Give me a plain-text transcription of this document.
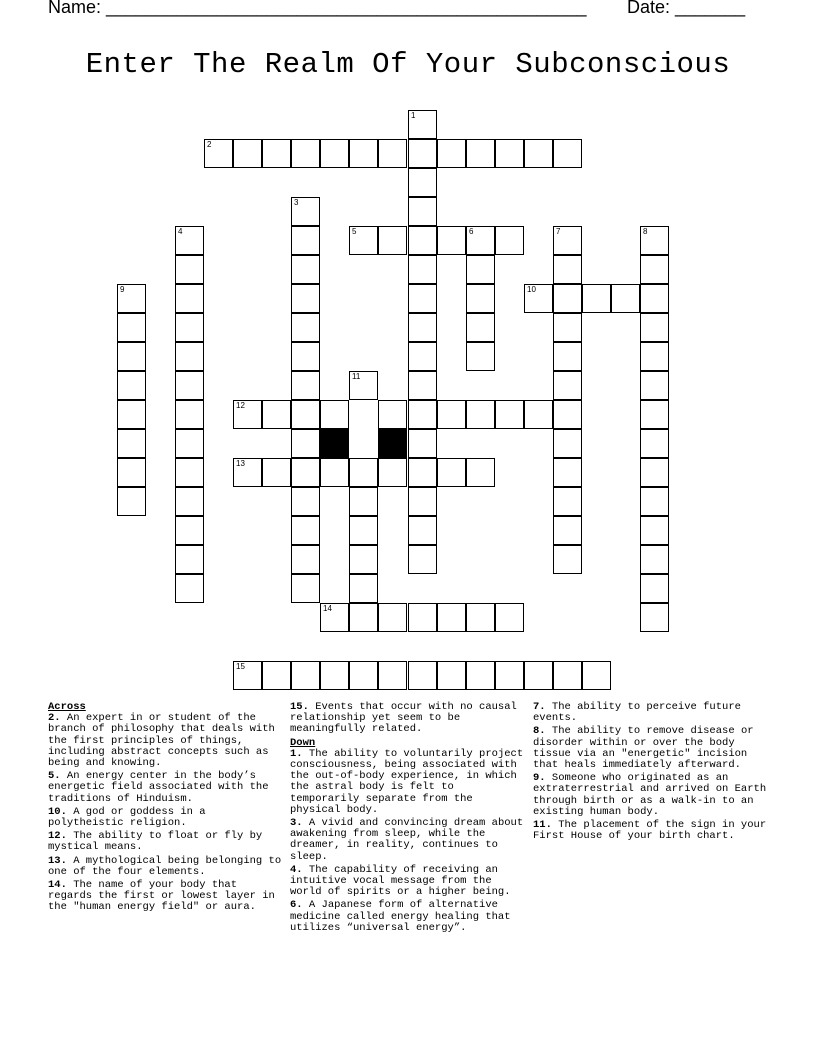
Name: ________________________________________________ Date: _______
Enter The Realm Of Your Subconscious
1
2
3
4	5	6	7	8
9	10
11
12
13
14
15
Across
2. An expert in or student of the branch of philosophy that deals with the first principles of things, including abstract concepts such as being and knowing.
5. An energy center in the body’s energetic field associated with the traditions of Hinduism.
10. A god or goddess in a polytheistic religion.
12. The ability to float or fly by mystical means.
13. A mythological being belonging to one of the four elements.
14. The name of your body that regards the first or lowest layer in the "human energy field" or aura.
15. Events that occur with no causal relationship yet seem to be meaningfully related.
Down
1. The ability to voluntarily project consciousness, being associated with the out-of-body experience, in which the astral body is felt to temporarily separate from the physical body.
3. A vivid and convincing dream about awakening from sleep, while the dreamer, in reality, continues to sleep.
4. The capability of receiving an intuitive vocal message from the world of spirits or a higher being.
6. A Japanese form of alternative medicine called energy healing that utilizes “universal energy”.
7. The ability to perceive future events.
8. The ability to remove disease or disorder within or over the body tissue via an "energetic" incision that heals immediately afterward.
9. Someone who originated as an extraterrestrial and arrived on Earth through birth or as a walk-in to an existing human body.
11. The placement of the sign in your First House of your birth chart.
